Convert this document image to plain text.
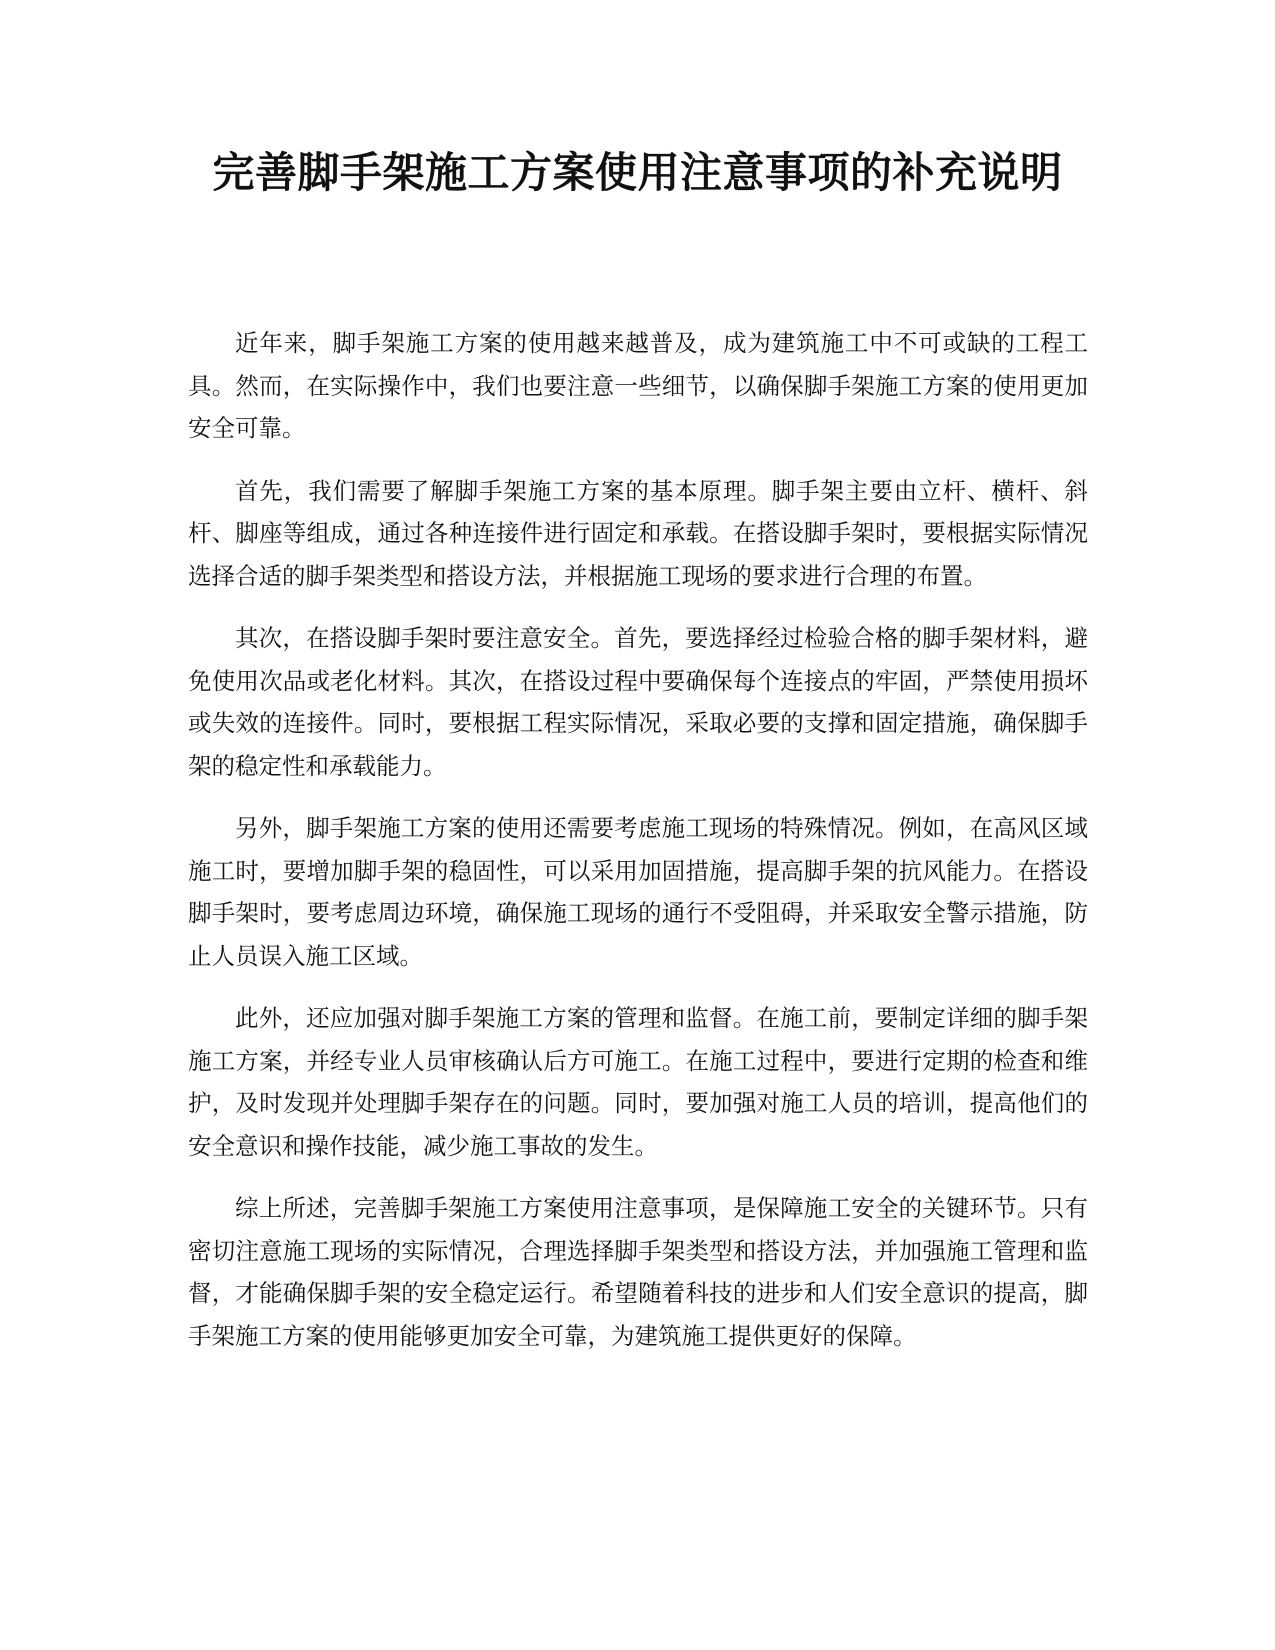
完善脚手架施工方案使用注意事项的补充说明

近年来，脚手架施工方案的使用越来越普及，成为建筑施工中不可或缺的工程工具。然而，在实际操作中，我们也要注意一些细节，以确保脚手架施工方案的使用更加安全可靠。

首先，我们需要了解脚手架施工方案的基本原理。脚手架主要由立杆、横杆、斜杆、脚座等组成，通过各种连接件进行固定和承载。在搭设脚手架时，要根据实际情况选择合适的脚手架类型和搭设方法，并根据施工现场的要求进行合理的布置。

其次，在搭设脚手架时要注意安全。首先，要选择经过检验合格的脚手架材料，避免使用次品或老化材料。其次，在搭设过程中要确保每个连接点的牢固，严禁使用损坏或失效的连接件。同时，要根据工程实际情况，采取必要的支撑和固定措施，确保脚手架的稳定性和承载能力。

另外，脚手架施工方案的使用还需要考虑施工现场的特殊情况。例如，在高风区域施工时，要增加脚手架的稳固性，可以采用加固措施，提高脚手架的抗风能力。在搭设脚手架时，要考虑周边环境，确保施工现场的通行不受阻碍，并采取安全警示措施，防止人员误入施工区域。

此外，还应加强对脚手架施工方案的管理和监督。在施工前，要制定详细的脚手架施工方案，并经专业人员审核确认后方可施工。在施工过程中，要进行定期的检查和维护，及时发现并处理脚手架存在的问题。同时，要加强对施工人员的培训，提高他们的安全意识和操作技能，减少施工事故的发生。

综上所述，完善脚手架施工方案使用注意事项，是保障施工安全的关键环节。只有密切注意施工现场的实际情况，合理选择脚手架类型和搭设方法，并加强施工管理和监督，才能确保脚手架的安全稳定运行。希望随着科技的进步和人们安全意识的提高，脚手架施工方案的使用能够更加安全可靠，为建筑施工提供更好的保障。
